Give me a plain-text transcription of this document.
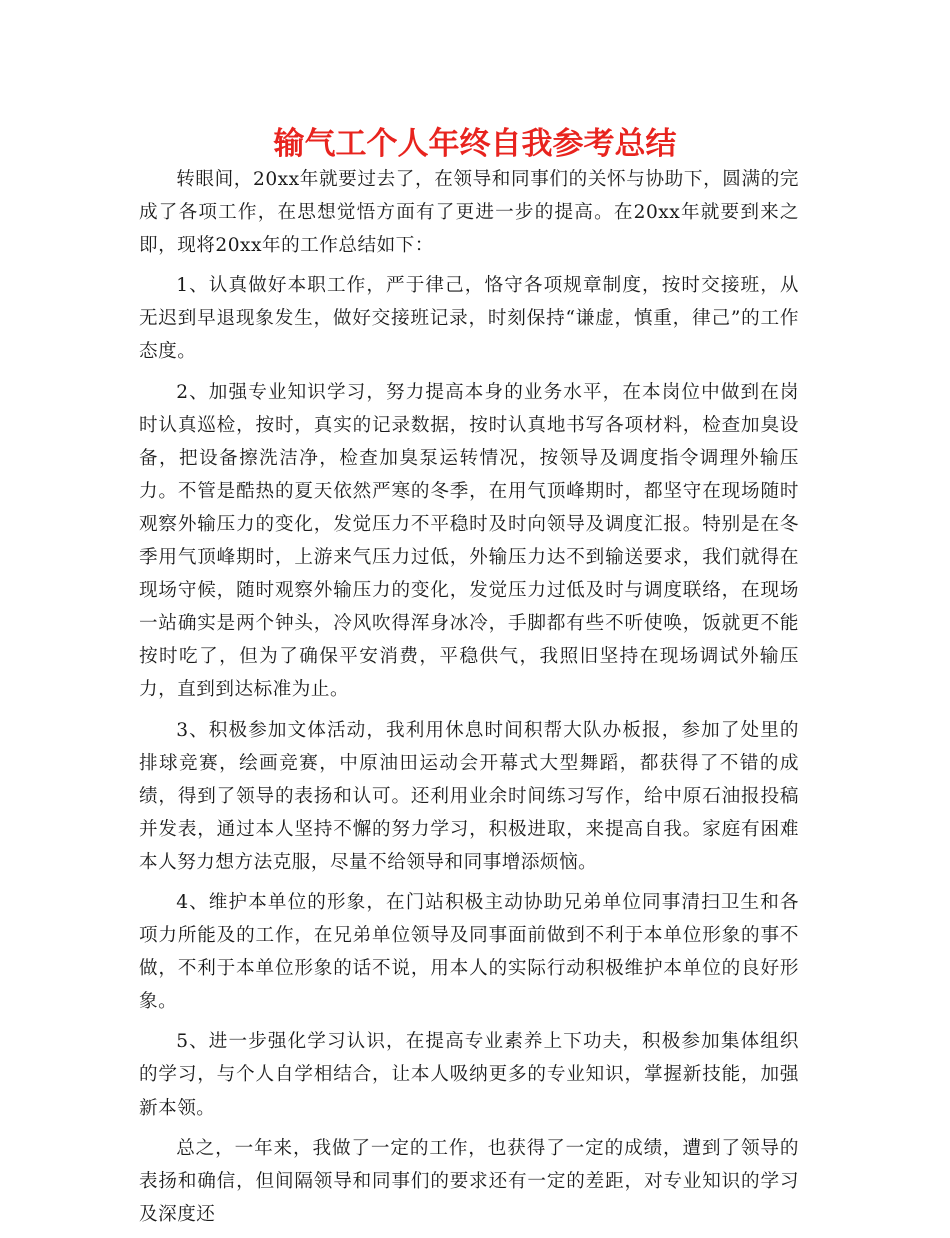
输气工个人年终自我参考总结

转眼间，20xx年就要过去了，在领导和同事们的关怀与协助下，圆满的完成了各项工作，在思想觉悟方面有了更进一步的提高。在20xx年就要到来之即，现将20xx年的工作总结如下：

1、认真做好本职工作，严于律己，恪守各项规章制度，按时交接班，从无迟到早退现象发生，做好交接班记录，时刻保持“谦虚，慎重，律己”的工作态度。

2、加强专业知识学习，努力提高本身的业务水平，在本岗位中做到在岗时认真巡检，按时，真实的记录数据，按时认真地书写各项材料，检查加臭设备，把设备擦洗洁净，检查加臭泵运转情况，按领导及调度指令调理外输压力。不管是酷热的夏天依然严寒的冬季，在用气顶峰期时，都坚守在现场随时观察外输压力的变化，发觉压力不平稳时及时向领导及调度汇报。特别是在冬季用气顶峰期时，上游来气压力过低，外输压力达不到输送要求，我们就得在现场守候，随时观察外输压力的变化，发觉压力过低及时与调度联络，在现场一站确实是两个钟头，冷风吹得浑身冰冷，手脚都有些不听使唤，饭就更不能按时吃了，但为了确保平安消费，平稳供气，我照旧坚持在现场调试外输压力，直到到达标准为止。

3、积极参加文体活动，我利用休息时间积帮大队办板报，参加了处里的排球竞赛，绘画竞赛，中原油田运动会开幕式大型舞蹈，都获得了不错的成绩，得到了领导的表扬和认可。还利用业余时间练习写作，给中原石油报投稿并发表，通过本人坚持不懈的努力学习，积极进取，来提高自我。家庭有困难本人努力想方法克服，尽量不给领导和同事增添烦恼。

4、维护本单位的形象，在门站积极主动协助兄弟单位同事清扫卫生和各项力所能及的工作，在兄弟单位领导及同事面前做到不利于本单位形象的事不做，不利于本单位形象的话不说，用本人的实际行动积极维护本单位的良好形象。

5、进一步强化学习认识，在提高专业素养上下功夫，积极参加集体组织的学习，与个人自学相结合，让本人吸纳更多的专业知识，掌握新技能，加强新本领。

总之，一年来，我做了一定的工作，也获得了一定的成绩，遭到了领导的表扬和确信，但间隔领导和同事们的要求还有一定的差距，对专业知识的学习及深度还
